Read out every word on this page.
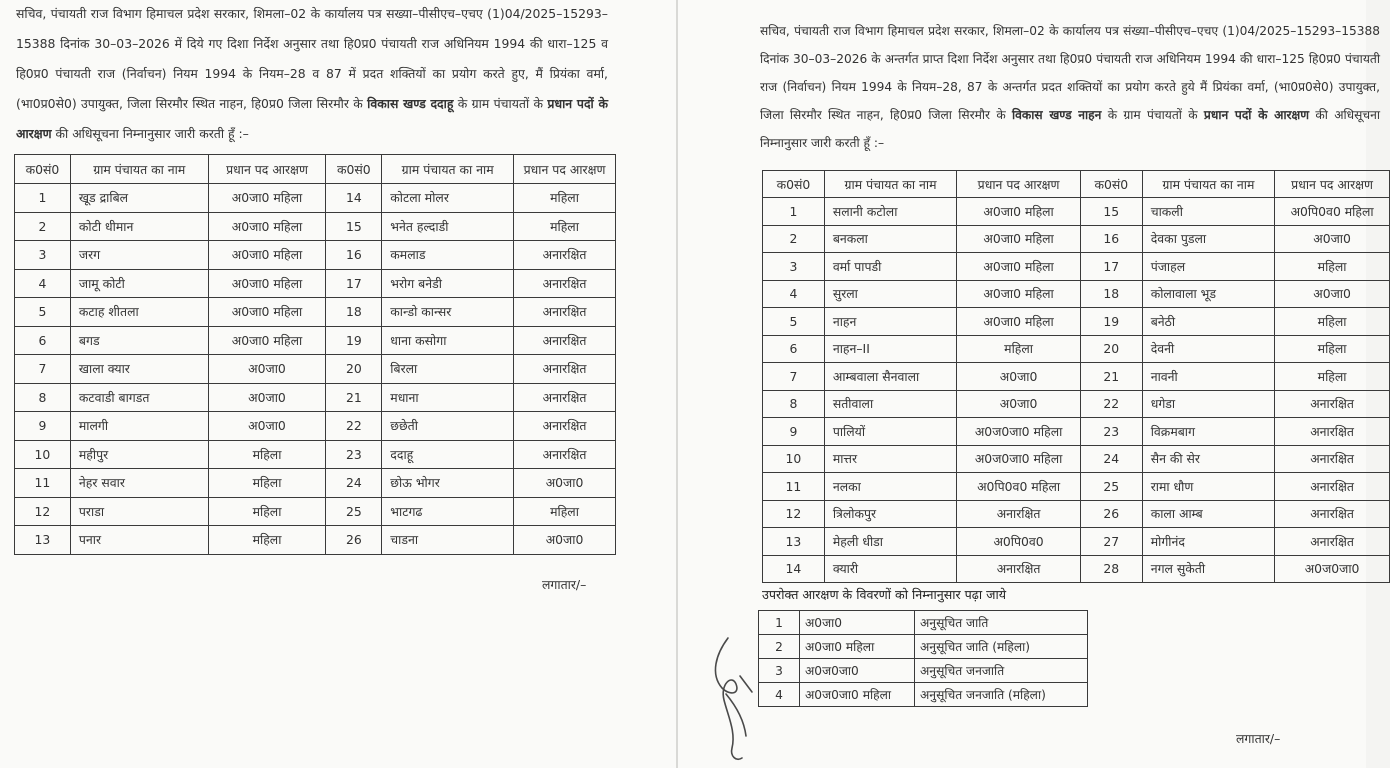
सचिव, पंचायती राज विभाग हिमाचल प्रदेश सरकार, शिमला–02 के कार्यालय पत्र सख्या–पीसीएच–एचए (1)04/2025–15293–15388 दिनांक 30–03–2026 में दिये गए दिशा निर्देश अनुसार तथा हि0प्र0 पंचायती राज अधिनियम 1994 की धारा–125 व हि0प्र0 पंचायती राज (निर्वाचन) नियम 1994 के नियम–28 व 87 में प्रदत शक्तियों का प्रयोग करते हुए, मैं प्रियंका वर्मा, (भा0प्र0से0) उपायुक्त, जिला सिरमौर स्थित नाहन, हि0प्र0 जिला सिरमौर के विकास खण्ड ददाहू के ग्राम पंचायतों के प्रधान पदों के आरक्षण की अधिसूचना निम्नानुसार जारी करती हूँ :–

क0सं0	ग्राम पंचायत का नाम	प्रधान पद आरक्षण	क0सं0	ग्राम पंचायत का नाम	प्रधान पद आरक्षण
1	खूड द्राबिल	अ0जा0 महिला	14	कोटला मोलर	महिला
2	कोटी धीमान	अ0जा0 महिला	15	भनेत हल्दाडी	महिला
3	जरग	अ0जा0 महिला	16	कमलाड	अनारक्षित
4	जामू कोटी	अ0जा0 महिला	17	भरोग बनेडी	अनारक्षित
5	कटाह शीतला	अ0जा0 महिला	18	कान्डो कान्सर	अनारक्षित
6	बगड	अ0जा0 महिला	19	धाना कसोगा	अनारक्षित
7	खाला क्यार	अ0जा0	20	बिरला	अनारक्षित
8	कटवाडी बागडत	अ0जा0	21	मधाना	अनारक्षित
9	मालगी	अ0जा0	22	छछेती	अनारक्षित
10	महीपुर	महिला	23	ददाहू	अनारक्षित
11	नेहर सवार	महिला	24	छोऊ भोगर	अ0जा0
12	पराडा	महिला	25	भाटगढ	महिला
13	पनार	महिला	26	चाडना	अ0जा0
लगातार/–

सचिव, पंचायती राज विभाग हिमाचल प्रदेश सरकार, शिमला–02 के कार्यालय पत्र संख्या–पीसीएच–एचए (1)04/2025–15293–15388 दिनांक 30–03–2026 के अन्तर्गत प्राप्त दिशा निर्देश अनुसार तथा हि0प्र0 पंचायती राज अधिनियम 1994 की धारा–125 हि0प्र0 पंचायती राज (निर्वाचन) नियम 1994 के नियम–28, 87 के अन्तर्गत प्रदत शक्तियों का प्रयोग करते हुये मैं प्रियंका वर्मा, (भा0प्र0से0) उपायुक्त, जिला सिरमौर स्थित नाहन, हि0प्र0 जिला सिरमौर के विकास खण्ड नाहन के ग्राम पंचायतों के प्रधान पदों के आरक्षण की अधिसूचना निम्नानुसार जारी करती हूँ :–

क0सं0	ग्राम पंचायत का नाम	प्रधान पद आरक्षण	क0सं0	ग्राम पंचायत का नाम	प्रधान पद आरक्षण
1	सलानी कटोला	अ0जा0 महिला	15	चाकली	अ0पि0व0 महिला
2	बनकला	अ0जा0 महिला	16	देवका पुडला	अ0जा0
3	वर्मा पापडी	अ0जा0 महिला	17	पंजाहल	महिला
4	सुरला	अ0जा0 महिला	18	कोलावाला भूड	अ0जा0
5	नाहन	अ0जा0 महिला	19	बनेठी	महिला
6	नाहन–II	महिला	20	देवनी	महिला
7	आम्बवाला सैनवाला	अ0जा0	21	नावनी	महिला
8	सतीवाला	अ0जा0	22	धगेडा	अनारक्षित
9	पालियों	अ0ज0जा0 महिला	23	विक्रमबाग	अनारक्षित
10	मात्तर	अ0ज0जा0 महिला	24	सैन की सेर	अनारक्षित
11	नलका	अ0पि0व0 महिला	25	रामा धौण	अनारक्षित
12	त्रिलोकपुर	अनारक्षित	26	काला आम्ब	अनारक्षित
13	मेहली धीडा	अ0पि0व0	27	मोगीनंद	अनारक्षित
14	क्यारी	अनारक्षित	28	नगल सुकेती	अ0ज0जा0
उपरोक्त आरक्षण के विवरणों को निम्नानुसार पढ़ा जाये
1	अ0जा0	अनुसूचित जाति
2	अ0जा0 महिला	अनुसूचित जाति (महिला)
3	अ0ज0जा0	अनुसूचित जनजाति
4	अ0ज0जा0 महिला	अनुसूचित जनजाति (महिला)
लगातार/–
